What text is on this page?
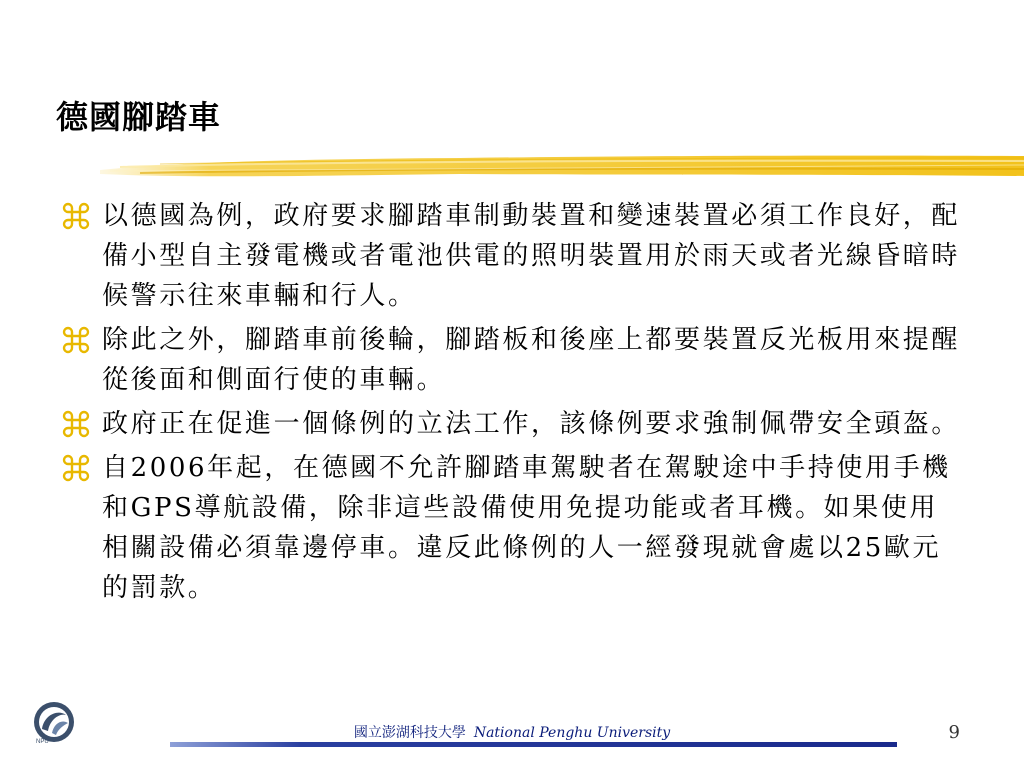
德國腳踏車
以德國為例，政府要求腳踏車制動裝置和變速裝置必須工作良好，配備小型自主發電機或者電池供電的照明裝置用於雨天或者光線昏暗時候警示往來車輛和行人。
除此之外，腳踏車前後輪，腳踏板和後座上都要裝置反光板用來提醒從後面和側面行使的車輛。
政府正在促進一個條例的立法工作，該條例要求強制佩帶安全頭盔。
自2006年起，在德國不允許腳踏車駕駛者在駕駛途中手持使用手機和GPS導航設備，除非這些設備使用免提功能或者耳機。如果使用相關設備必須靠邊停車。違反此條例的人一經發現就會處以25歐元的罰款。
NPU
國立澎湖科技大學 National Penghu University	9
